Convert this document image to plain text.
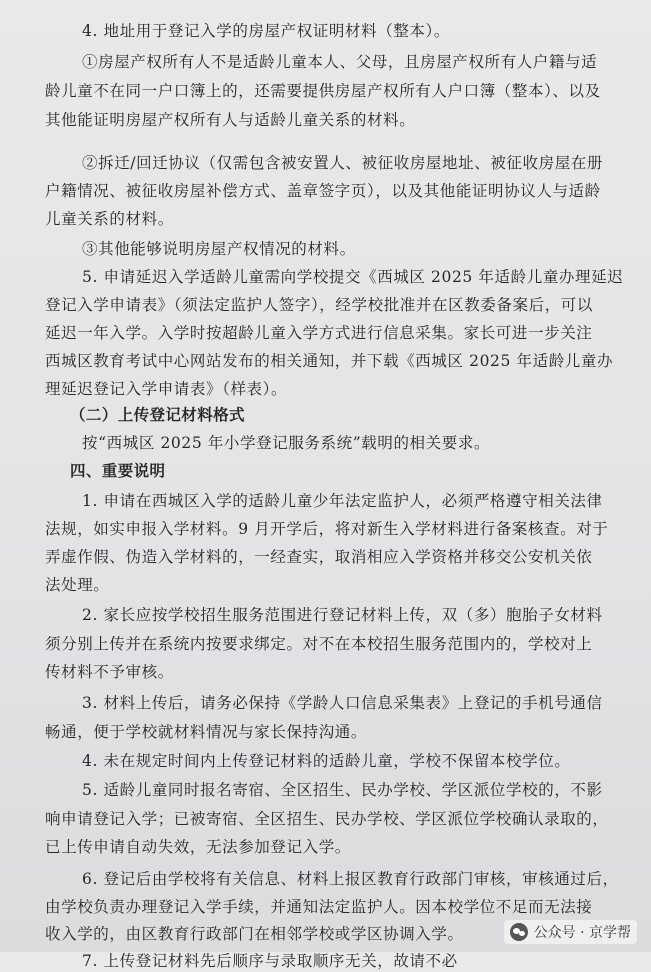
4. 地址用于登记入学的房屋产权证明材料（整本）。
①房屋产权所有人不是适龄儿童本人、父母，且房屋产权所有人户籍与适
龄儿童不在同一户口簿上的，还需要提供房屋产权所有人户口簿（整本）、以及
其他能证明房屋产权所有人与适龄儿童关系的材料。
②拆迁/回迁协议（仅需包含被安置人、被征收房屋地址、被征收房屋在册
户籍情况、被征收房屋补偿方式、盖章签字页），以及其他能证明协议人与适龄
儿童关系的材料。
③其他能够说明房屋产权情况的材料。
5. 申请延迟入学适龄儿童需向学校提交《西城区 2025 年适龄儿童办理延迟
登记入学申请表》（须法定监护人签字），经学校批准并在区教委备案后，可以
延迟一年入学。入学时按超龄儿童入学方式进行信息采集。家长可进一步关注
西城区教育考试中心网站发布的相关通知，并下载《西城区 2025 年适龄儿童办
理延迟登记入学申请表》（样表）。
（二）上传登记材料格式
按“西城区 2025 年小学登记服务系统”载明的相关要求。
四、重要说明
1. 申请在西城区入学的适龄儿童少年法定监护人，必须严格遵守相关法律
法规，如实申报入学材料。9 月开学后，将对新生入学材料进行备案核查。对于
弄虚作假、伪造入学材料的，一经查实，取消相应入学资格并移交公安机关依
法处理。
2. 家长应按学校招生服务范围进行登记材料上传，双（多）胞胎子女材料
须分别上传并在系统内按要求绑定。对不在本校招生服务范围内的，学校对上
传材料不予审核。
3. 材料上传后，请务必保持《学龄人口信息采集表》上登记的手机号通信
畅通，便于学校就材料情况与家长保持沟通。
4. 未在规定时间内上传登记材料的适龄儿童，学校不保留本校学位。
5. 适龄儿童同时报名寄宿、全区招生、民办学校、学区派位学校的，不影
响申请登记入学；已被寄宿、全区招生、民办学校、学区派位学校确认录取的，
已上传申请自动失效，无法参加登记入学。
6. 登记后由学校将有关信息、材料上报区教育行政部门审核，审核通过后，
由学校负责办理登记入学手续，并通知法定监护人。因本校学位不足而无法接
收入学的，由区教育行政部门在相邻学校或学区协调入学。
7. 上传登记材料先后顺序与录取顺序无关，故请不必
公众号 · 京学帮
